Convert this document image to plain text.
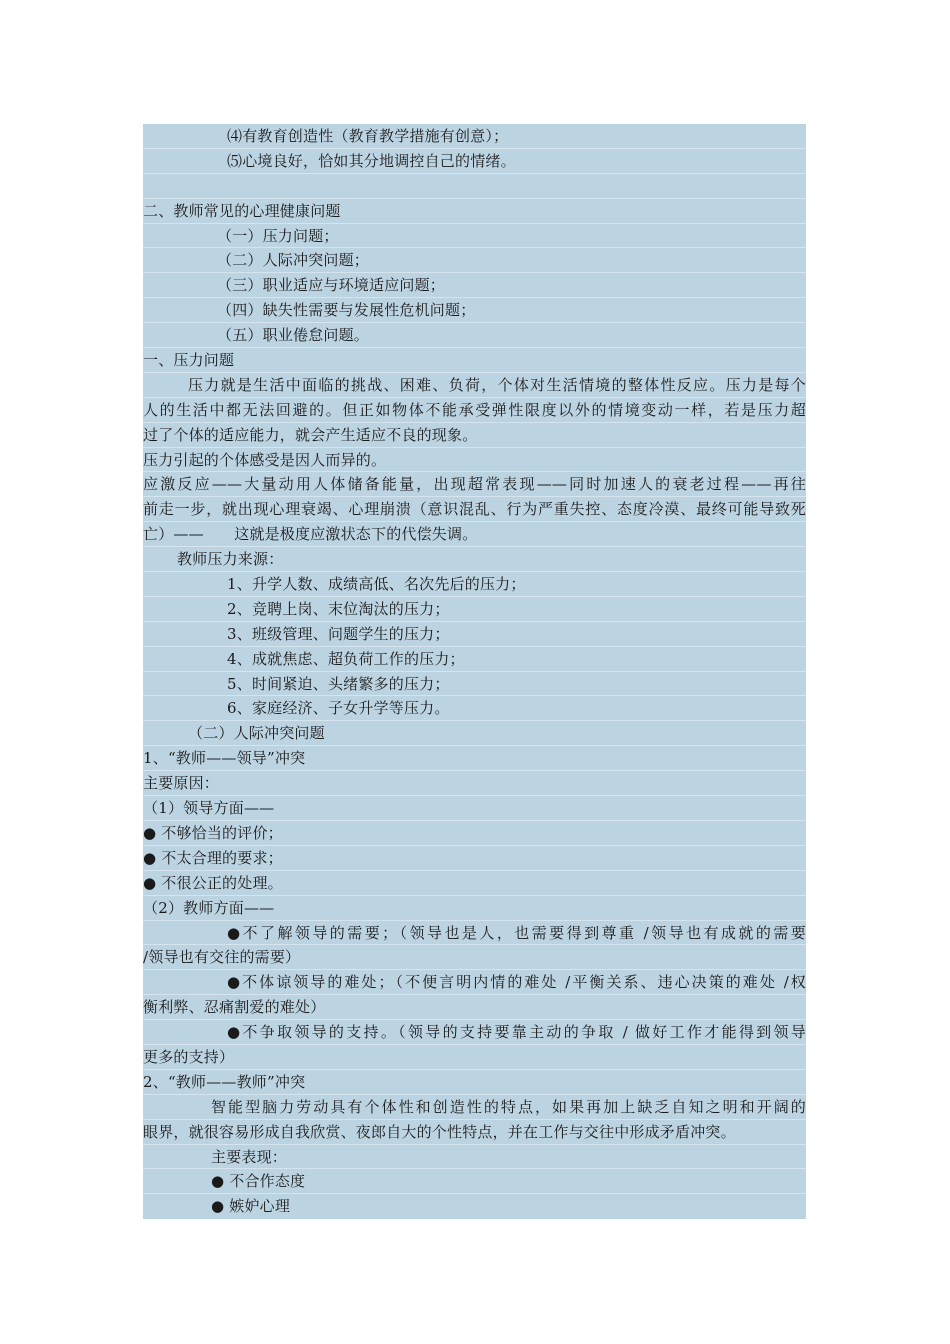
⑷有教育创造性（教育教学措施有创意）；
⑸心境良好，恰如其分地调控自己的情绪。
二、教师常见的心理健康问题
（一）压力问题；
（二）人际冲突问题；
（三）职业适应与环境适应问题；
（四）缺失性需要与发展性危机问题；
（五）职业倦怠问题。
一、压力问题
压力就是生活中面临的挑战、困难、负荷，个体对生活情境的整体性反应。压力是每个
人的生活中都无法回避的。但正如物体不能承受弹性限度以外的情境变动一样，若是压力超
过了个体的适应能力，就会产生适应不良的现象。
压力引起的个体感受是因人而异的。
应激反应——大量动用人体储备能量，出现超常表现——同时加速人的衰老过程——再往
前走一步，就出现心理衰竭、心理崩溃（意识混乱、行为严重失控、态度冷漠、最终可能导致死
亡）——　　这就是极度应激状态下的代偿失调。
教师压力来源：
1、升学人数、成绩高低、名次先后的压力；
2、竞聘上岗、末位淘汰的压力；
3、班级管理、问题学生的压力；
4、成就焦虑、超负荷工作的压力；
5、时间紧迫、头绪繁多的压力；
6、家庭经济、子女升学等压力。
（二）人际冲突问题
1、“教师——领导”冲突
主要原因：
（1）领导方面——
● 不够恰当的评价；
● 不太合理的要求；
● 不很公正的处理。
（2）教师方面——
●不了解领导的需要；（领导也是人，也需要得到尊重 /领导也有成就的需要
/领导也有交往的需要）
●不体谅领导的难处；（不便言明内情的难处 /平衡关系、违心决策的难处 /权
衡利弊、忍痛割爱的难处）
●不争取领导的支持。（领导的支持要靠主动的争取 / 做好工作才能得到领导
更多的支持）
2、“教师——教师”冲突
智能型脑力劳动具有个体性和创造性的特点，如果再加上缺乏自知之明和开阔的
眼界，就很容易形成自我欣赏、夜郎自大的个性特点，并在工作与交往中形成矛盾冲突。
主要表现：
● 不合作态度
● 嫉妒心理
